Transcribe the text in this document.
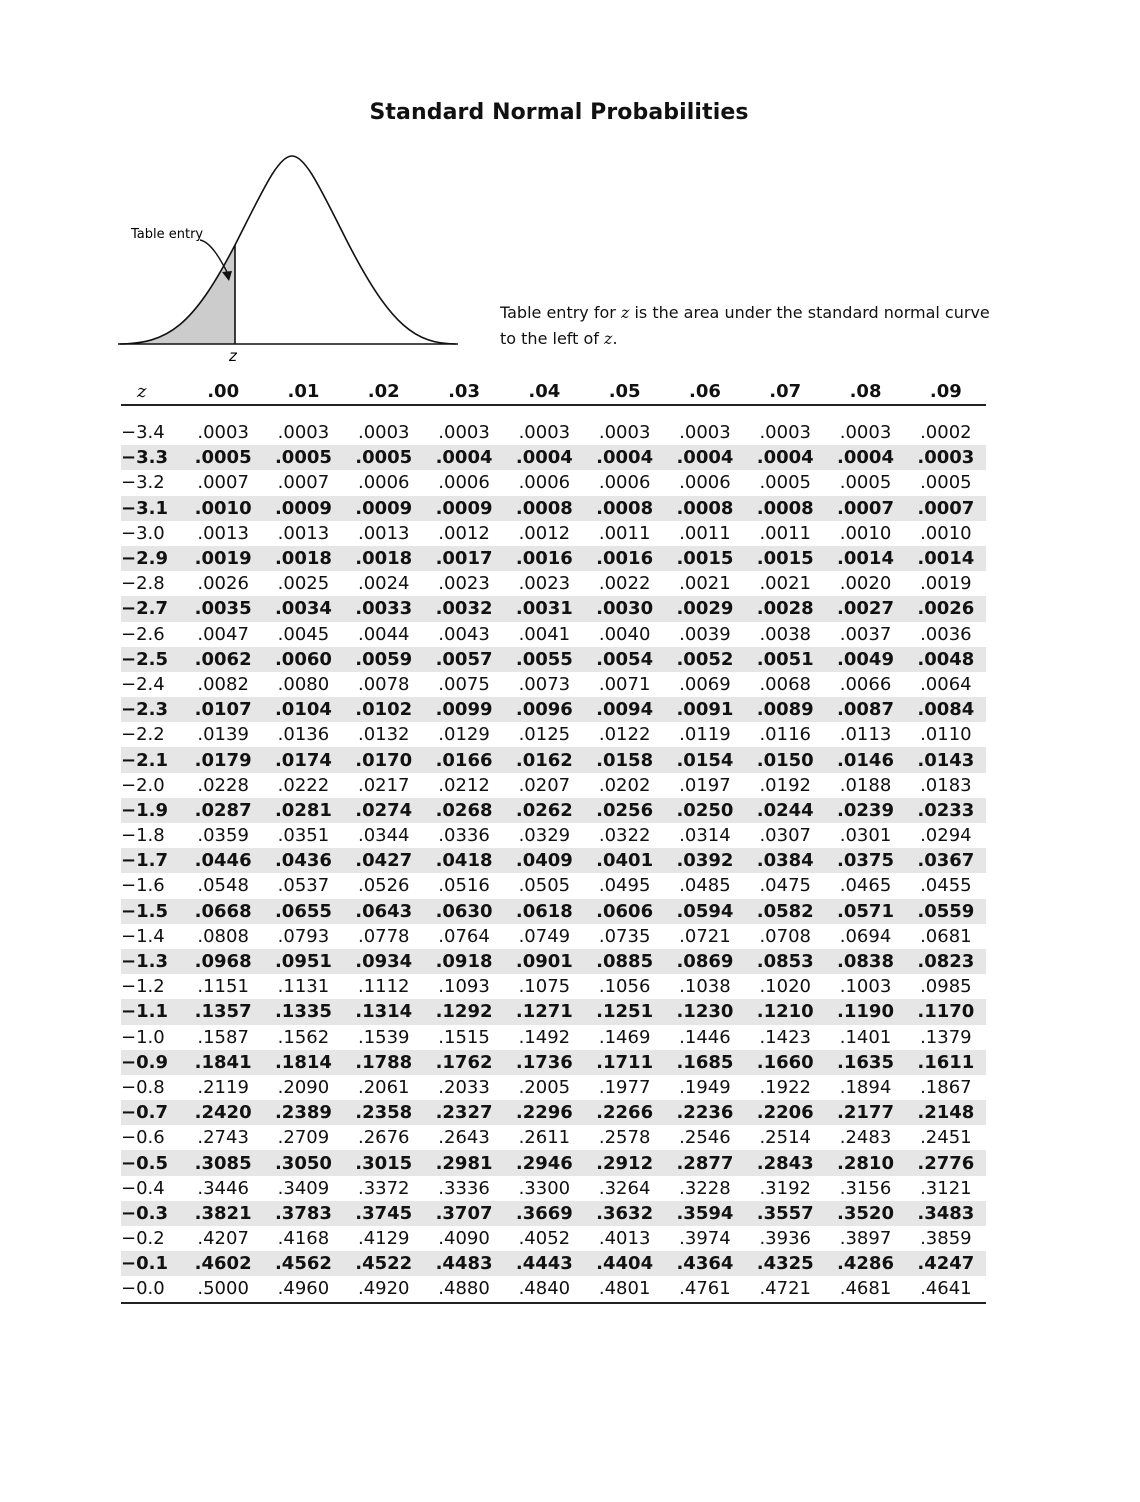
Standard Normal Probabilities
Table entry
z
Table entry for z is the area under the standard normal curve
to the left of z.
z	.00	.01	.02	.03	.04	.05	.06	.07	.08	.09

−3.4	.0003	.0003	.0003	.0003	.0003	.0003	.0003	.0003	.0003	.0002
−3.3	.0005	.0005	.0005	.0004	.0004	.0004	.0004	.0004	.0004	.0003
−3.2	.0007	.0007	.0006	.0006	.0006	.0006	.0006	.0005	.0005	.0005
−3.1	.0010	.0009	.0009	.0009	.0008	.0008	.0008	.0008	.0007	.0007
−3.0	.0013	.0013	.0013	.0012	.0012	.0011	.0011	.0011	.0010	.0010
−2.9	.0019	.0018	.0018	.0017	.0016	.0016	.0015	.0015	.0014	.0014
−2.8	.0026	.0025	.0024	.0023	.0023	.0022	.0021	.0021	.0020	.0019
−2.7	.0035	.0034	.0033	.0032	.0031	.0030	.0029	.0028	.0027	.0026
−2.6	.0047	.0045	.0044	.0043	.0041	.0040	.0039	.0038	.0037	.0036
−2.5	.0062	.0060	.0059	.0057	.0055	.0054	.0052	.0051	.0049	.0048
−2.4	.0082	.0080	.0078	.0075	.0073	.0071	.0069	.0068	.0066	.0064
−2.3	.0107	.0104	.0102	.0099	.0096	.0094	.0091	.0089	.0087	.0084
−2.2	.0139	.0136	.0132	.0129	.0125	.0122	.0119	.0116	.0113	.0110
−2.1	.0179	.0174	.0170	.0166	.0162	.0158	.0154	.0150	.0146	.0143
−2.0	.0228	.0222	.0217	.0212	.0207	.0202	.0197	.0192	.0188	.0183
−1.9	.0287	.0281	.0274	.0268	.0262	.0256	.0250	.0244	.0239	.0233
−1.8	.0359	.0351	.0344	.0336	.0329	.0322	.0314	.0307	.0301	.0294
−1.7	.0446	.0436	.0427	.0418	.0409	.0401	.0392	.0384	.0375	.0367
−1.6	.0548	.0537	.0526	.0516	.0505	.0495	.0485	.0475	.0465	.0455
−1.5	.0668	.0655	.0643	.0630	.0618	.0606	.0594	.0582	.0571	.0559
−1.4	.0808	.0793	.0778	.0764	.0749	.0735	.0721	.0708	.0694	.0681
−1.3	.0968	.0951	.0934	.0918	.0901	.0885	.0869	.0853	.0838	.0823
−1.2	.1151	.1131	.1112	.1093	.1075	.1056	.1038	.1020	.1003	.0985
−1.1	.1357	.1335	.1314	.1292	.1271	.1251	.1230	.1210	.1190	.1170
−1.0	.1587	.1562	.1539	.1515	.1492	.1469	.1446	.1423	.1401	.1379
−0.9	.1841	.1814	.1788	.1762	.1736	.1711	.1685	.1660	.1635	.1611
−0.8	.2119	.2090	.2061	.2033	.2005	.1977	.1949	.1922	.1894	.1867
−0.7	.2420	.2389	.2358	.2327	.2296	.2266	.2236	.2206	.2177	.2148
−0.6	.2743	.2709	.2676	.2643	.2611	.2578	.2546	.2514	.2483	.2451
−0.5	.3085	.3050	.3015	.2981	.2946	.2912	.2877	.2843	.2810	.2776
−0.4	.3446	.3409	.3372	.3336	.3300	.3264	.3228	.3192	.3156	.3121
−0.3	.3821	.3783	.3745	.3707	.3669	.3632	.3594	.3557	.3520	.3483
−0.2	.4207	.4168	.4129	.4090	.4052	.4013	.3974	.3936	.3897	.3859
−0.1	.4602	.4562	.4522	.4483	.4443	.4404	.4364	.4325	.4286	.4247
−0.0	.5000	.4960	.4920	.4880	.4840	.4801	.4761	.4721	.4681	.4641
